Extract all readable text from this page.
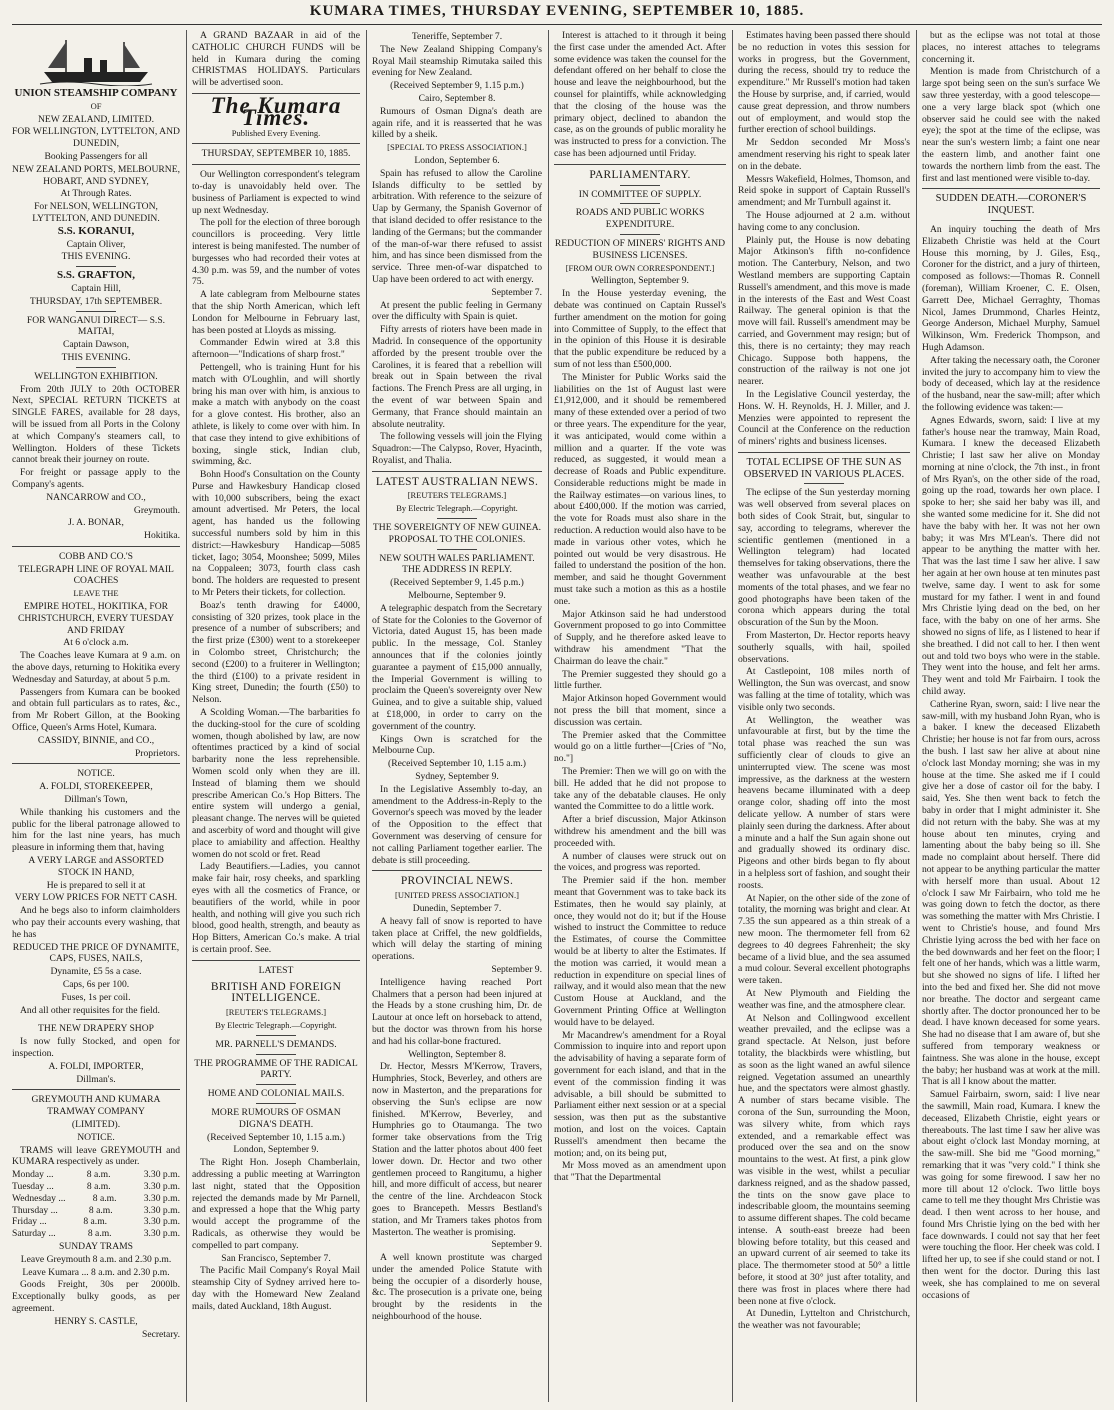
KUMARA TIMES, THURSDAY EVENING, SEPTEMBER 10, 1885.

UNION STEAMSHIP COMPANY

OF

NEW ZEALAND, LIMITED.

FOR WELLINGTON, LYTTELTON, AND DUNEDIN,

Booking Passengers for all

NEW ZEALAND PORTS, MELBOURNE, HOBART, AND SYDNEY,

At Through Rates.

For NELSON, WELLINGTON, LYTTELTON, AND DUNEDIN.

S.S. KORANUI,

Captain Oliver,

THIS EVENING.

S.S. GRAFTON,

Captain Hill,

THURSDAY, 17th SEPTEMBER.

FOR WANGANUI DIRECT— S.S. MAITAI,

Captain Dawson,

THIS EVENING.

WELLINGTON EXHIBITION.

From 20th JULY to 20th OCTOBER Next, SPECIAL RETURN TICKETS at SINGLE FARES, available for 28 days, will be issued from all Ports in the Colony at which Company's steamers call, to Wellington. Holders of these Tickets cannot break their journey on route.

For freight or passage apply to the Company's agents.

NANCARROW and CO.,

Greymouth.

J. A. BONAR,

Hokitika.

COBB AND CO.'S

TELEGRAPH LINE OF ROYAL MAIL COACHES

LEAVE THE

EMPIRE HOTEL, HOKITIKA, FOR CHRISTCHURCH, EVERY TUESDAY AND FRIDAY

At 6 o'clock a.m.

The Coaches leave Kumara at 9 a.m. on the above days, returning to Hokitika every Wednesday and Saturday, at about 5 p.m.

Passengers from Kumara can be booked and obtain full particulars as to rates, &c., from Mr Robert Gillon, at the Booking Office, Queen's Arms Hotel, Kumara.

CASSIDY, BINNIE, and CO.,

Proprietors.

NOTICE.

A. FOLDI, STOREKEEPER,

Dillman's Town,

While thanking his customers and the public for the liberal patronage allowed to him for the last nine years, has much pleasure in informing them that, having

A VERY LARGE and ASSORTED STOCK IN HAND,

He is prepared to sell it at

VERY LOW PRICES FOR NETT CASH.

And he begs also to inform claimholders who pay their accounts every washing, that he has

REDUCED THE PRICE OF DYNAMITE, CAPS, FUSES, NAILS,

Dynamite, £5 5s a case.

Caps, 6s per 100.

Fuses, 1s per coil.

And all other requisites for the field.

THE NEW DRAPERY SHOP

Is now fully Stocked, and open for inspection.

A. FOLDI, IMPORTER,

Dillman's.

GREYMOUTH AND KUMARA TRAMWAY COMPANY

(LIMITED).

NOTICE.

TRAMS will leave GREYMOUTH and KUMARA respectively as under.

Monday ...	8 a.m.	3.30 p.m.
Tuesday ...	8 a.m.	3.30 p.m.
Wednesday ...	8 a.m.	3.30 p.m.
Thursday ...	8 a.m.	3.30 p.m.
Friday ...	8 a.m.	3.30 p.m.
Saturday ...	8 a.m.	3.30 p.m.

SUNDAY TRAMS

Leave Greymouth 8 a.m. and 2.30 p.m.

Leave Kumara ... 8 a.m. and 2.30 p.m.

Goods Freight, 30s per 2000lb. Exceptionally bulky goods, as per agreement.

HENRY S. CASTLE,

Secretary.

A GRAND BAZAAR in aid of the CATHOLIC CHURCH FUNDS will be held in Kumara during the coming CHRISTMAS HOLIDAYS. Particulars will be advertised soon.

The Kumara Times.

Published Every Evening.

THURSDAY, SEPTEMBER 10, 1885.

Our Wellington correspondent's telegram to-day is unavoidably held over. The business of Parliament is expected to wind up next Wednesday.

The poll for the election of three borough councillors is proceeding. Very little interest is being manifested. The number of burgesses who had recorded their votes at 4.30 p.m. was 59, and the number of votes 75.

A late cablegram from Melbourne states that the ship North American, which left London for Melbourne in February last, has been posted at Lloyds as missing.

Commander Edwin wired at 3.8 this afternoon—"Indications of sharp frost."

Pettengell, who is training Hunt for his match with O'Loughlin, and will shortly bring his man over with him, is anxious to make a match with anybody on the coast for a glove contest. His brother, also an athlete, is likely to come over with him. In that case they intend to give exhibitions of boxing, single stick, Indian club, swimming, &c.

Bohn Hood's Consultation on the County Purse and Hawkesbury Handicap closed with 10,000 subscribers, being the exact amount advertised. Mr Peters, the local agent, has handed us the following successful numbers sold by him in this district:—Hawkesbury Handicap—5085 ticket, Iago; 3054, Moonshee; 5099, Miles na Coppaleen; 3073, fourth class cash bond. The holders are requested to present to Mr Peters their tickets, for collection.

Boaz's tenth drawing for £4000, consisting of 320 prizes, took place in the presence of a number of subscribers; and the first prize (£300) went to a storekeeper in Colombo street, Christchurch; the second (£200) to a fruiterer in Wellington; the third (£100) to a private resident in King street, Dunedin; the fourth (£50) to Nelson.

A Scolding Woman.—The barbarities fo the ducking-stool for the cure of scolding women, though abolished by law, are now oftentimes practiced by a kind of social barbarity none the less reprehensible. Women scold only when they are ill. Instead of blaming them we should prescribe American Co.'s Hop Bitters. The entire system will undergo a genial, pleasant change. The nerves will be quieted and ascerbity of word and thought will give place to amiability and affection. Healthy women do not scold or fret. Read

Lady Beautifiers.—Ladies, you cannot make fair hair, rosy cheeks, and sparkling eyes with all the cosmetics of France, or beautifiers of the world, while in poor health, and nothing will give you such rich blood, good health, strength, and beauty as Hop Bitters, American Co.'s make. A trial is certain proof. See.

LATEST

BRITISH AND FOREIGN INTELLIGENCE.

[REUTER'S TELEGRAMS.]

By Electric Telegraph.—Copyright.

MR. PARNELL'S DEMANDS.

THE PROGRAMME OF THE RADICAL PARTY.

HOME AND COLONIAL MAILS.

MORE RUMOURS OF OSMAN DIGNA'S DEATH.

(Received September 10, 1.15 a.m.)

London, September 9.

The Right Hon. Joseph Chamberlain, addressing a public meeting at Warrington last night, stated that the Opposition rejected the demands made by Mr Parnell, and expressed a hope that the Whig party would accept the programme of the Radicals, as otherwise they would be compelled to part company.

San Francisco, September 7.

The Pacific Mail Company's Royal Mail steamship City of Sydney arrived here to-day with the Homeward New Zealand mails, dated Auckland, 18th August.

Teneriffe, September 7.

The New Zealand Shipping Company's Royal Mail steamship Rimutaka sailed this evening for New Zealand.

(Received September 9, 1.15 p.m.)

Cairo, September 8.

Rumours of Osman Digna's death are again rife, and it is reasserted that he was killed by a sheik.

[SPECIAL TO PRESS ASSOCIATION.]

London, September 6.

Spain has refused to allow the Caroline Islands difficulty to be settled by arbitration. With reference to the seizure of Uap by Germany, the Spanish Governor of that island decided to offer resistance to the landing of the Germans; but the commander of the man-of-war there refused to assist him, and has since been dismissed from the service. Three men-of-war dispatched to Uap have been ordered to act with energy.

September 7.

At present the public feeling in Germany over the difficulty with Spain is quiet.

Fifty arrests of rioters have been made in Madrid. In consequence of the opportunity afforded by the present trouble over the Carolines, it is feared that a rebellion will break out in Spain between the rival factions. The French Press are all urging, in the event of war between Spain and Germany, that France should maintain an absolute neutrality.

The following vessels will join the Flying Squadron:—The Calypso, Rover, Hyacinth, Royalist, and Thalia.

LATEST AUSTRALIAN NEWS.

[REUTERS TELEGRAMS.]

By Electric Telegraph.—Copyright.

THE SOVEREIGNTY OF NEW GUINEA. PROPOSAL TO THE COLONIES.

NEW SOUTH WALES PARLIAMENT. THE ADDRESS IN REPLY.

(Received September 9, 1.45 p.m.)

Melbourne, September 9.

A telegraphic despatch from the Secretary of State for the Colonies to the Governor of Victoria, dated August 15, has been made public. In the message, Col. Stanley announces that if the colonies jointly guarantee a payment of £15,000 annually, the Imperial Government is willing to proclaim the Queen's sovereignty over New Guinea, and to give a suitable ship, valued at £18,000, in order to carry on the government of the country.

Kings Own is scratched for the Melbourne Cup.

(Received September 10, 1.15 a.m.)

Sydney, September 9.

In the Legislative Assembly to-day, an amendment to the Address-in-Reply to the Governor's speech was moved by the leader of the Opposition to the effect that Government was deserving of censure for not calling Parliament together earlier. The debate is still proceeding.

PROVINCIAL NEWS.

[UNITED PRESS ASSOCIATION.]

Dunedin, September 7.

A heavy fall of snow is reported to have taken place at Criffel, the new goldfields, which will delay the starting of mining operations.

September 9.

Intelligence having reached Port Chalmers that a person had been injured at the Heads by a stone crushing him, Dr. de Lautour at once left on horseback to attend, but the doctor was thrown from his horse and had his collar-bone fractured.

Wellington, September 8.

Dr. Hector, Messrs M'Kerrow, Travers, Humphries, Stock, Beverley, and others are now in Masterton, and the preparations for observing the Sun's eclipse are now finished. M'Kerrow, Beverley, and Humphries go to Otaumanga. The two former take observations from the Trig Station and the latter photos about 400 feet lower down. Dr. Hector and two other gentlemen proceed to Rangitumu, a higher hill, and more difficult of access, but nearer the centre of the line. Archdeacon Stock goes to Brancepeth. Messrs Bestland's station, and Mr Tramers takes photos from Masterton. The weather is promising.

September 9.

A well known prostitute was charged under the amended Police Statute with being the occupier of a disorderly house, &c. The prosecution is a private one, being brought by the residents in the neighbourhood of the house.

Interest is attached to it through it being the first case under the amended Act. After some evidence was taken the counsel for the defendant offered on her behalf to close the house and leave the neighbourhood, but the counsel for plaintiffs, while acknowledging that the closing of the house was the primary object, declined to abandon the case, as on the grounds of public morality he was instructed to press for a conviction. The case has been adjourned until Friday.

PARLIAMENTARY.

IN COMMITTEE OF SUPPLY.

ROADS AND PUBLIC WORKS EXPENDITURE.

REDUCTION OF MINERS' RIGHTS AND BUSINESS LICENSES.

[FROM OUR OWN CORRESPONDENT.]

Wellington, September 9.

In the House yesterday evening, the debate was continued on Captain Russel's further amendment on the motion for going into Committee of Supply, to the effect that in the opinion of this House it is desirable that the public expenditure be reduced by a sum of not less than £500,000.

The Minister for Public Works said the liabilities on the 1st of August last were £1,912,000, and it should be remembered many of these extended over a period of two or three years. The expenditure for the year, it was anticipated, would come within a million and a quarter. If the vote was reduced, as suggested, it would mean a decrease of Roads and Public expenditure. Considerable reductions might be made in the Railway estimates—on various lines, to about £400,000. If the motion was carried, the vote for Roads must also share in the reduction. A reduction would also have to be made in various other votes, which he pointed out would be very disastrous. He failed to understand the position of the hon. member, and said he thought Government must take such a motion as this as a hostile one.

Major Atkinson said he had understood Government proposed to go into Committee of Supply, and he therefore asked leave to withdraw his amendment "That the Chairman do leave the chair."

The Premier suggested they should go a little further.

Major Atkinson hoped Government would not press the bill that moment, since a discussion was certain.

The Premier asked that the Committee would go on a little further—[Cries of "No, no."]

The Premier: Then we will go on with the bill. He added that he did not propose to take any of the debatable clauses. He only wanted the Committee to do a little work.

After a brief discussion, Major Atkinson withdrew his amendment and the bill was proceeded with.

A number of clauses were struck out on the voices, and progress was reported.

The Premier said if the hon. member meant that Government was to take back its Estimates, then he would say plainly, at once, they would not do it; but if the House wished to instruct the Committee to reduce the Estimates, of course the Committee would be at liberty to alter the Estimates. If the motion was carried, it would mean a reduction in expenditure on special lines of railway, and it would also mean that the new Custom House at Auckland, and the Government Printing Office at Wellington would have to be delayed.

Mr Macandrew's amendment for a Royal Commission to inquire into and report upon the advisability of having a separate form of government for each island, and that in the event of the commission finding it was advisable, a bill should be submitted to Parliament either next session or at a special session, was then put as the substantive motion, and lost on the voices. Captain Russell's amendment then became the motion; and, on its being put,

Mr Moss moved as an amendment upon that "That the Departmental

Estimates having been passed there should be no reduction in votes this session for works in progress, but the Government, during the recess, should try to reduce the expenditure." Mr Russell's motion had taken the House by surprise, and, if carried, would cause great depression, and throw numbers out of employment, and would stop the further erection of school buildings.

Mr Seddon seconded Mr Moss's amendment reserving his right to speak later on in the debate.

Messrs Wakefield, Holmes, Thomson, and Reid spoke in support of Captain Russell's amendment; and Mr Turnbull against it.

The House adjourned at 2 a.m. without having come to any conclusion.

Plainly put, the House is now debating Major Atkinson's fifth no-confidence motion. The Canterbury, Nelson, and two Westland members are supporting Captain Russell's amendment, and this move is made in the interests of the East and West Coast Railway. The general opinion is that the move will fail. Russell's amendment may be carried, and Government may resign; but of this, there is no certainty; they may reach Chicago. Suppose both happens, the construction of the railway is not one jot nearer.

In the Legislative Council yesterday, the Hons. W. H. Reynolds, H. J. Miller, and J. Menzies were appointed to represent the Council at the Conference on the reduction of miners' rights and business licenses.

TOTAL ECLIPSE OF THE SUN AS OBSERVED IN VARIOUS PLACES.

The eclipse of the Sun yesterday morning was well observed from several places on both sides of Cook Strait, but, singular to say, according to telegrams, wherever the scientific gentlemen (mentioned in a Wellington telegram) had located themselves for taking observations, there the weather was unfavourable at the best moments of the total phases, and we fear no good photographs have been taken of the corona which appears during the total obscuration of the Sun by the Moon.

From Masterton, Dr. Hector reports heavy southerly squalls, with hail, spoiled observations.

At Castlepoint, 108 miles north of Wellington, the Sun was overcast, and snow was falling at the time of totality, which was visible only two seconds.

At Wellington, the weather was unfavourable at first, but by the time the total phase was reached the sun was sufficiently clear of clouds to give an uninterrupted view. The scene was most impressive, as the darkness at the western heavens became illuminated with a deep orange color, shading off into the most delicate yellow. A number of stars were plainly seen during the darkness. After about a minute and a half the Sun again shone out and gradually showed its ordinary disc. Pigeons and other birds began to fly about in a helpless sort of fashion, and sought their roosts.

At Napier, on the other side of the zone of totality, the morning was bright and clear. At 7.35 the sun appeared as a thin streak of a new moon. The thermometer fell from 62 degrees to 40 degrees Fahrenheit; the sky became of a livid blue, and the sea assumed a mud colour. Several excellent photographs were taken.

At New Plymouth and Fielding the weather was fine, and the atmosphere clear.

At Nelson and Collingwood excellent weather prevailed, and the eclipse was a grand spectacle. At Nelson, just before totality, the blackbirds were whistling, but as soon as the light waned an awful silence reigned. Vegetation assumed an unearthly hue, and the spectators were almost ghastly. A number of stars became visible. The corona of the Sun, surrounding the Moon, was silvery white, from which rays extended, and a remarkable effect was produced over the sea and on the snow mountains to the west. At first, a pink glow was visible in the west, whilst a peculiar darkness reigned, and as the shadow passed, the tints on the snow gave place to indescribable gloom, the mountains seeming to assume different shapes. The cold became intense. A south-east breeze had been blowing before totality, but this ceased and an upward current of air seemed to take its place. The thermometer stood at 50° a little before, it stood at 30° just after totality, and there was frost in places where there had been none at five o'clock.

At Dunedin, Lyttelton and Christchurch, the weather was not favourable;

but as the eclipse was not total at those places, no interest attaches to telegrams concerning it.

Mention is made from Christchurch of a large spot being seen on the sun's surface We saw three yesterday, with a good telescope—one a very large black spot (which one observer said he could see with the naked eye); the spot at the time of the eclipse, was near the sun's western limb; a faint one near the eastern limb, and another faint one towards the northern limb from the east. The first and last mentioned were visible to-day.

SUDDEN DEATH.—CORONER'S INQUEST.

An inquiry touching the death of Mrs Elizabeth Christie was held at the Court House this morning, by J. Giles, Esq., Coroner for the district, and a jury of thirteen, composed as follows:—Thomas R. Connell (foreman), William Kroener, C. E. Olsen, Garrett Dee, Michael Gerraghty, Thomas Nicol, James Drummond, Charles Heintz, George Anderson, Michael Murphy, Samuel Wilkinson, Wm. Frederick Thompson, and Hugh Adamson.

After taking the necessary oath, the Coroner invited the jury to accompany him to view the body of deceased, which lay at the residence of the husband, near the saw-mill; after which the following evidence was taken:—

Agnes Edwards, sworn, said: I live at my father's house near the tramway, Main Road, Kumara. I knew the deceased Elizabeth Christie; I last saw her alive on Monday morning at nine o'clock, the 7th inst., in front of Mrs Ryan's, on the other side of the road, going up the road, towards her own place. I spoke to her; she said her baby was ill, and she wanted some medicine for it. She did not have the baby with her. It was not her own baby; it was Mrs M'Lean's. There did not appear to be anything the matter with her. That was the last time I saw her alive. I saw her again at her own house at ten minutes past twelve, same day. I went to ask for some mustard for my father. I went in and found Mrs Christie lying dead on the bed, on her face, with the baby on one of her arms. She showed no signs of life, as I listened to hear if she breathed. I did not call to her. I then went out and told two boys who were in the stable. They went into the house, and felt her arms. They went and told Mr Fairbairn. I took the child away.

Catherine Ryan, sworn, said: I live near the saw-mill, with my husband John Ryan, who is a baker. I knew the deceased Elizabeth Christie; her house is not far from ours, across the bush. I last saw her alive at about nine o'clock last Monday morning; she was in my house at the time. She asked me if I could give her a dose of castor oil for the baby. I said, Yes. She then went back to fetch the baby in order that I might administer it. She did not return with the baby. She was at my house about ten minutes, crying and lamenting about the baby being so ill. She made no complaint about herself. There did not appear to be anything particular the matter with herself more than usual. About 12 o'clock I saw Mr Fairbairn, who told me he was going down to fetch the doctor, as there was something the matter with Mrs Christie. I went to Christie's house, and found Mrs Christie lying across the bed with her face on the bed downwards and her feet on the floor; I felt one of her hands, which was a little warm, but she showed no signs of life. I lifted her into the bed and fixed her. She did not move nor breathe. The doctor and sergeant came shortly after. The doctor pronounced her to be dead. I have known deceased for some years. She had no disease that I am aware of, but she suffered from temporary weakness or faintness. She was alone in the house, except the baby; her husband was at work at the mill. That is all I know about the matter.

Samuel Fairbairn, sworn, said: I live near the sawmill, Main road, Kumara. I knew the deceased, Elizabeth Christie, eight years or thereabouts. The last time I saw her alive was about eight o'clock last Monday morning, at the saw-mill. She bid me "Good morning," remarking that it was "very cold." I think she was going for some firewood. I saw her no more till about 12 o'clock. Two little boys came to tell me they thought Mrs Christie was dead. I then went across to her house, and found Mrs Christie lying on the bed with her face downwards. I could not say that her feet were touching the floor. Her cheek was cold. I lifted her up, to see if she could stand or not. I then went for the doctor. During this last week, she has complained to me on several occasions of
